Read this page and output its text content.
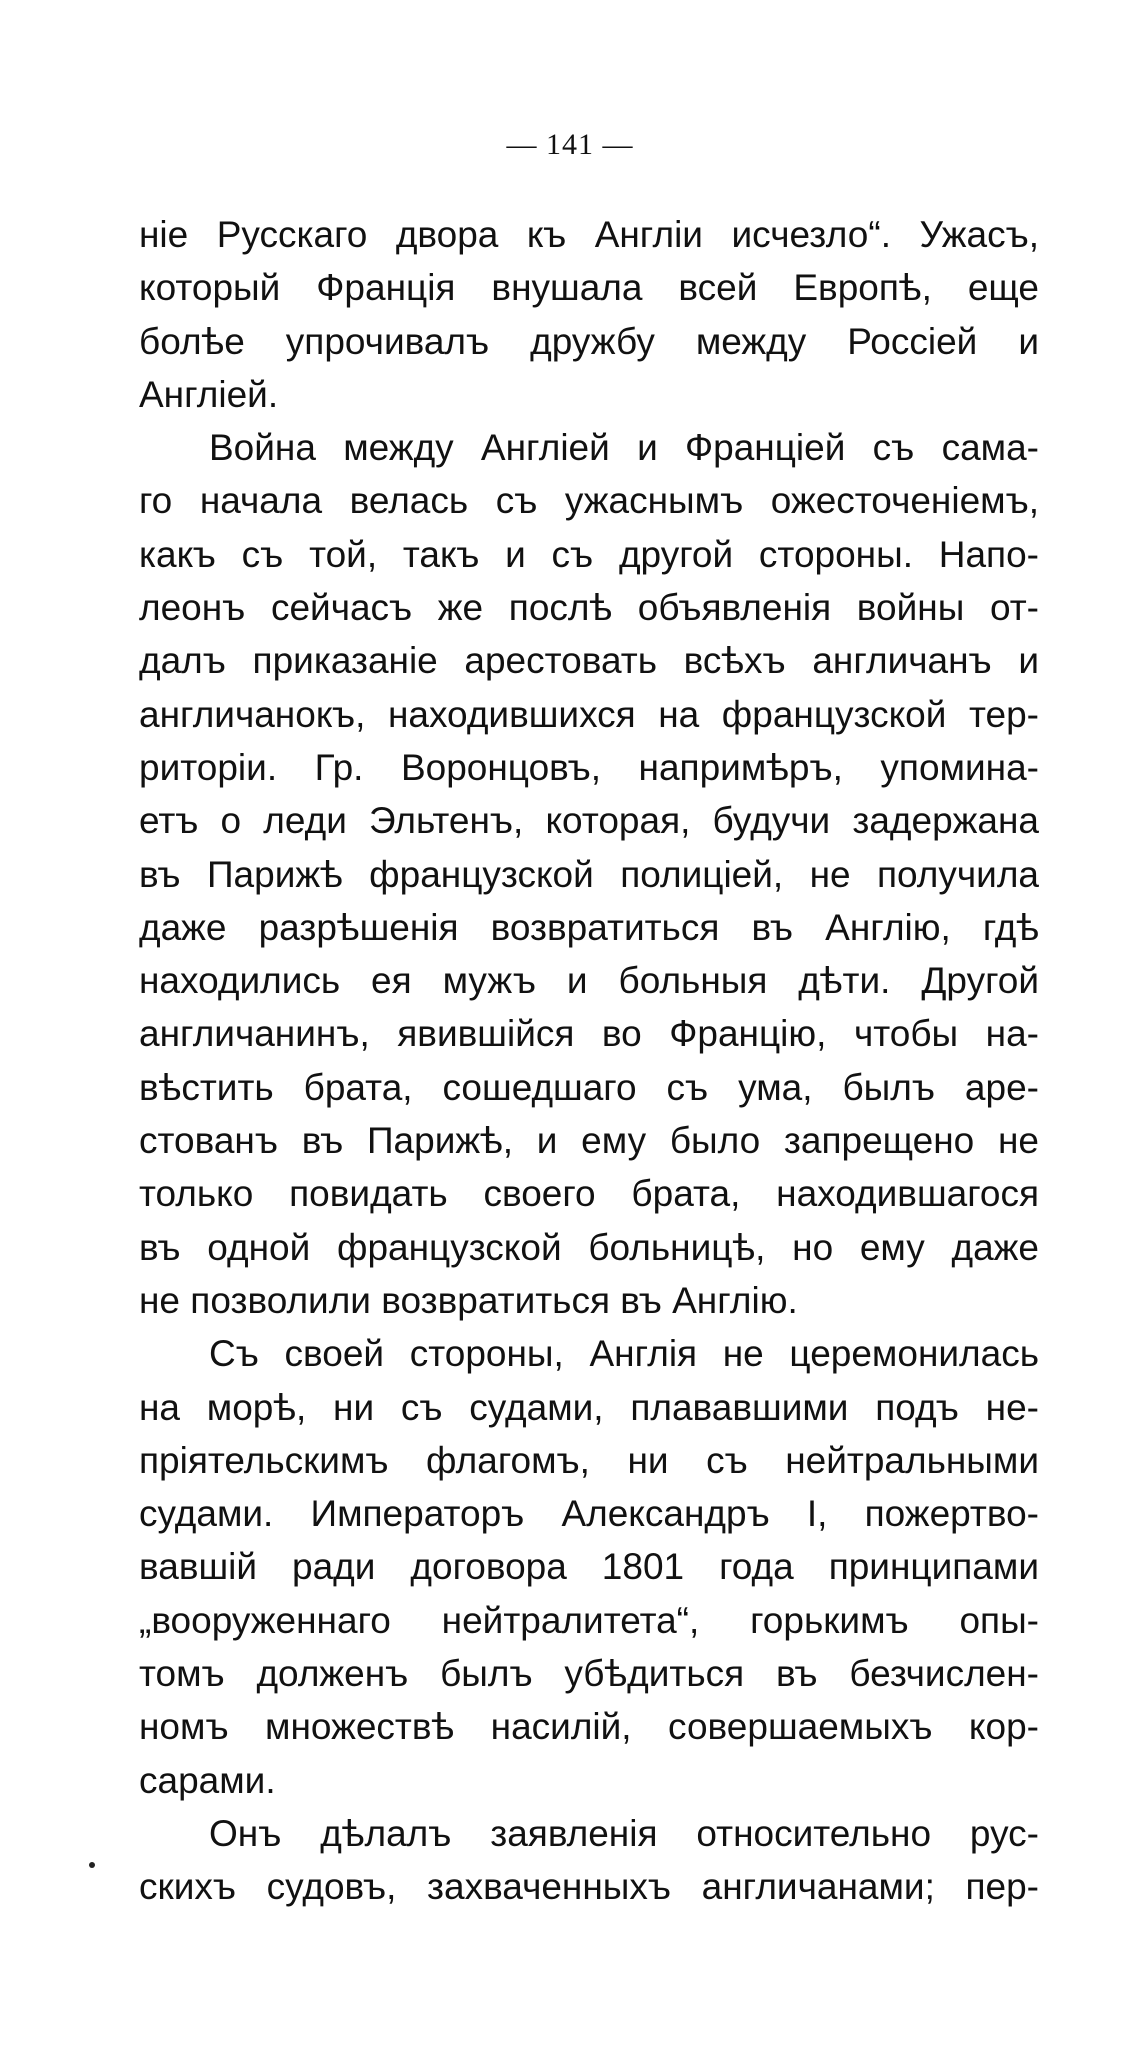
— 141 —
ніе Русскаго двора къ Англіи исчезло“. Ужасъ,
который Францiя внушала всей Европѣ, еще
болѣе упрочивалъ дружбу между Россіей и
Англіей.
Война между Англіей и Франціей съ сама-
го начала велась съ ужаснымъ ожесточеніемъ,
какъ съ той, такъ и съ другой стороны. Напо-
леонъ сейчасъ же послѣ объявленія войны от-
далъ приказаніе арестовать всѣхъ англичанъ и
англичанокъ, находившихся на французской тер-
риторіи. Гр. Воронцовъ, напримѣръ, упомина-
етъ о леди Эльтенъ, которая, будучи задержана
въ Парижѣ французской полиціей, не получила
даже разрѣшенія возвратиться въ Англію, гдѣ
находились ея мужъ и больныя дѣти. Другой
англичанинъ, явившійся во Францію, чтобы на-
вѣстить брата, сошедшаго съ ума, былъ аре-
стованъ въ Парижѣ, и ему было запрещено не
только повидать своего брата, находившагося
въ одной французской больницѣ, но ему даже
не позволили возвратиться въ Англію.
Съ своей стороны, Англія не церемонилась
на морѣ, ни съ судами, плававшими подъ не-
пріятельскимъ флагомъ, ни съ нейтральными
судами. Императоръ Александръ I, пожертво-
вавшій ради договора 1801 года принципами
„вооруженнаго нейтралитета“, горькимъ опы-
томъ долженъ былъ убѣдиться въ безчислен-
номъ множествѣ насилій, совершаемыхъ кор-
сарами.
Онъ дѣлалъ заявленія относительно рус-
скихъ судовъ, захваченныхъ англичанами; пер-
